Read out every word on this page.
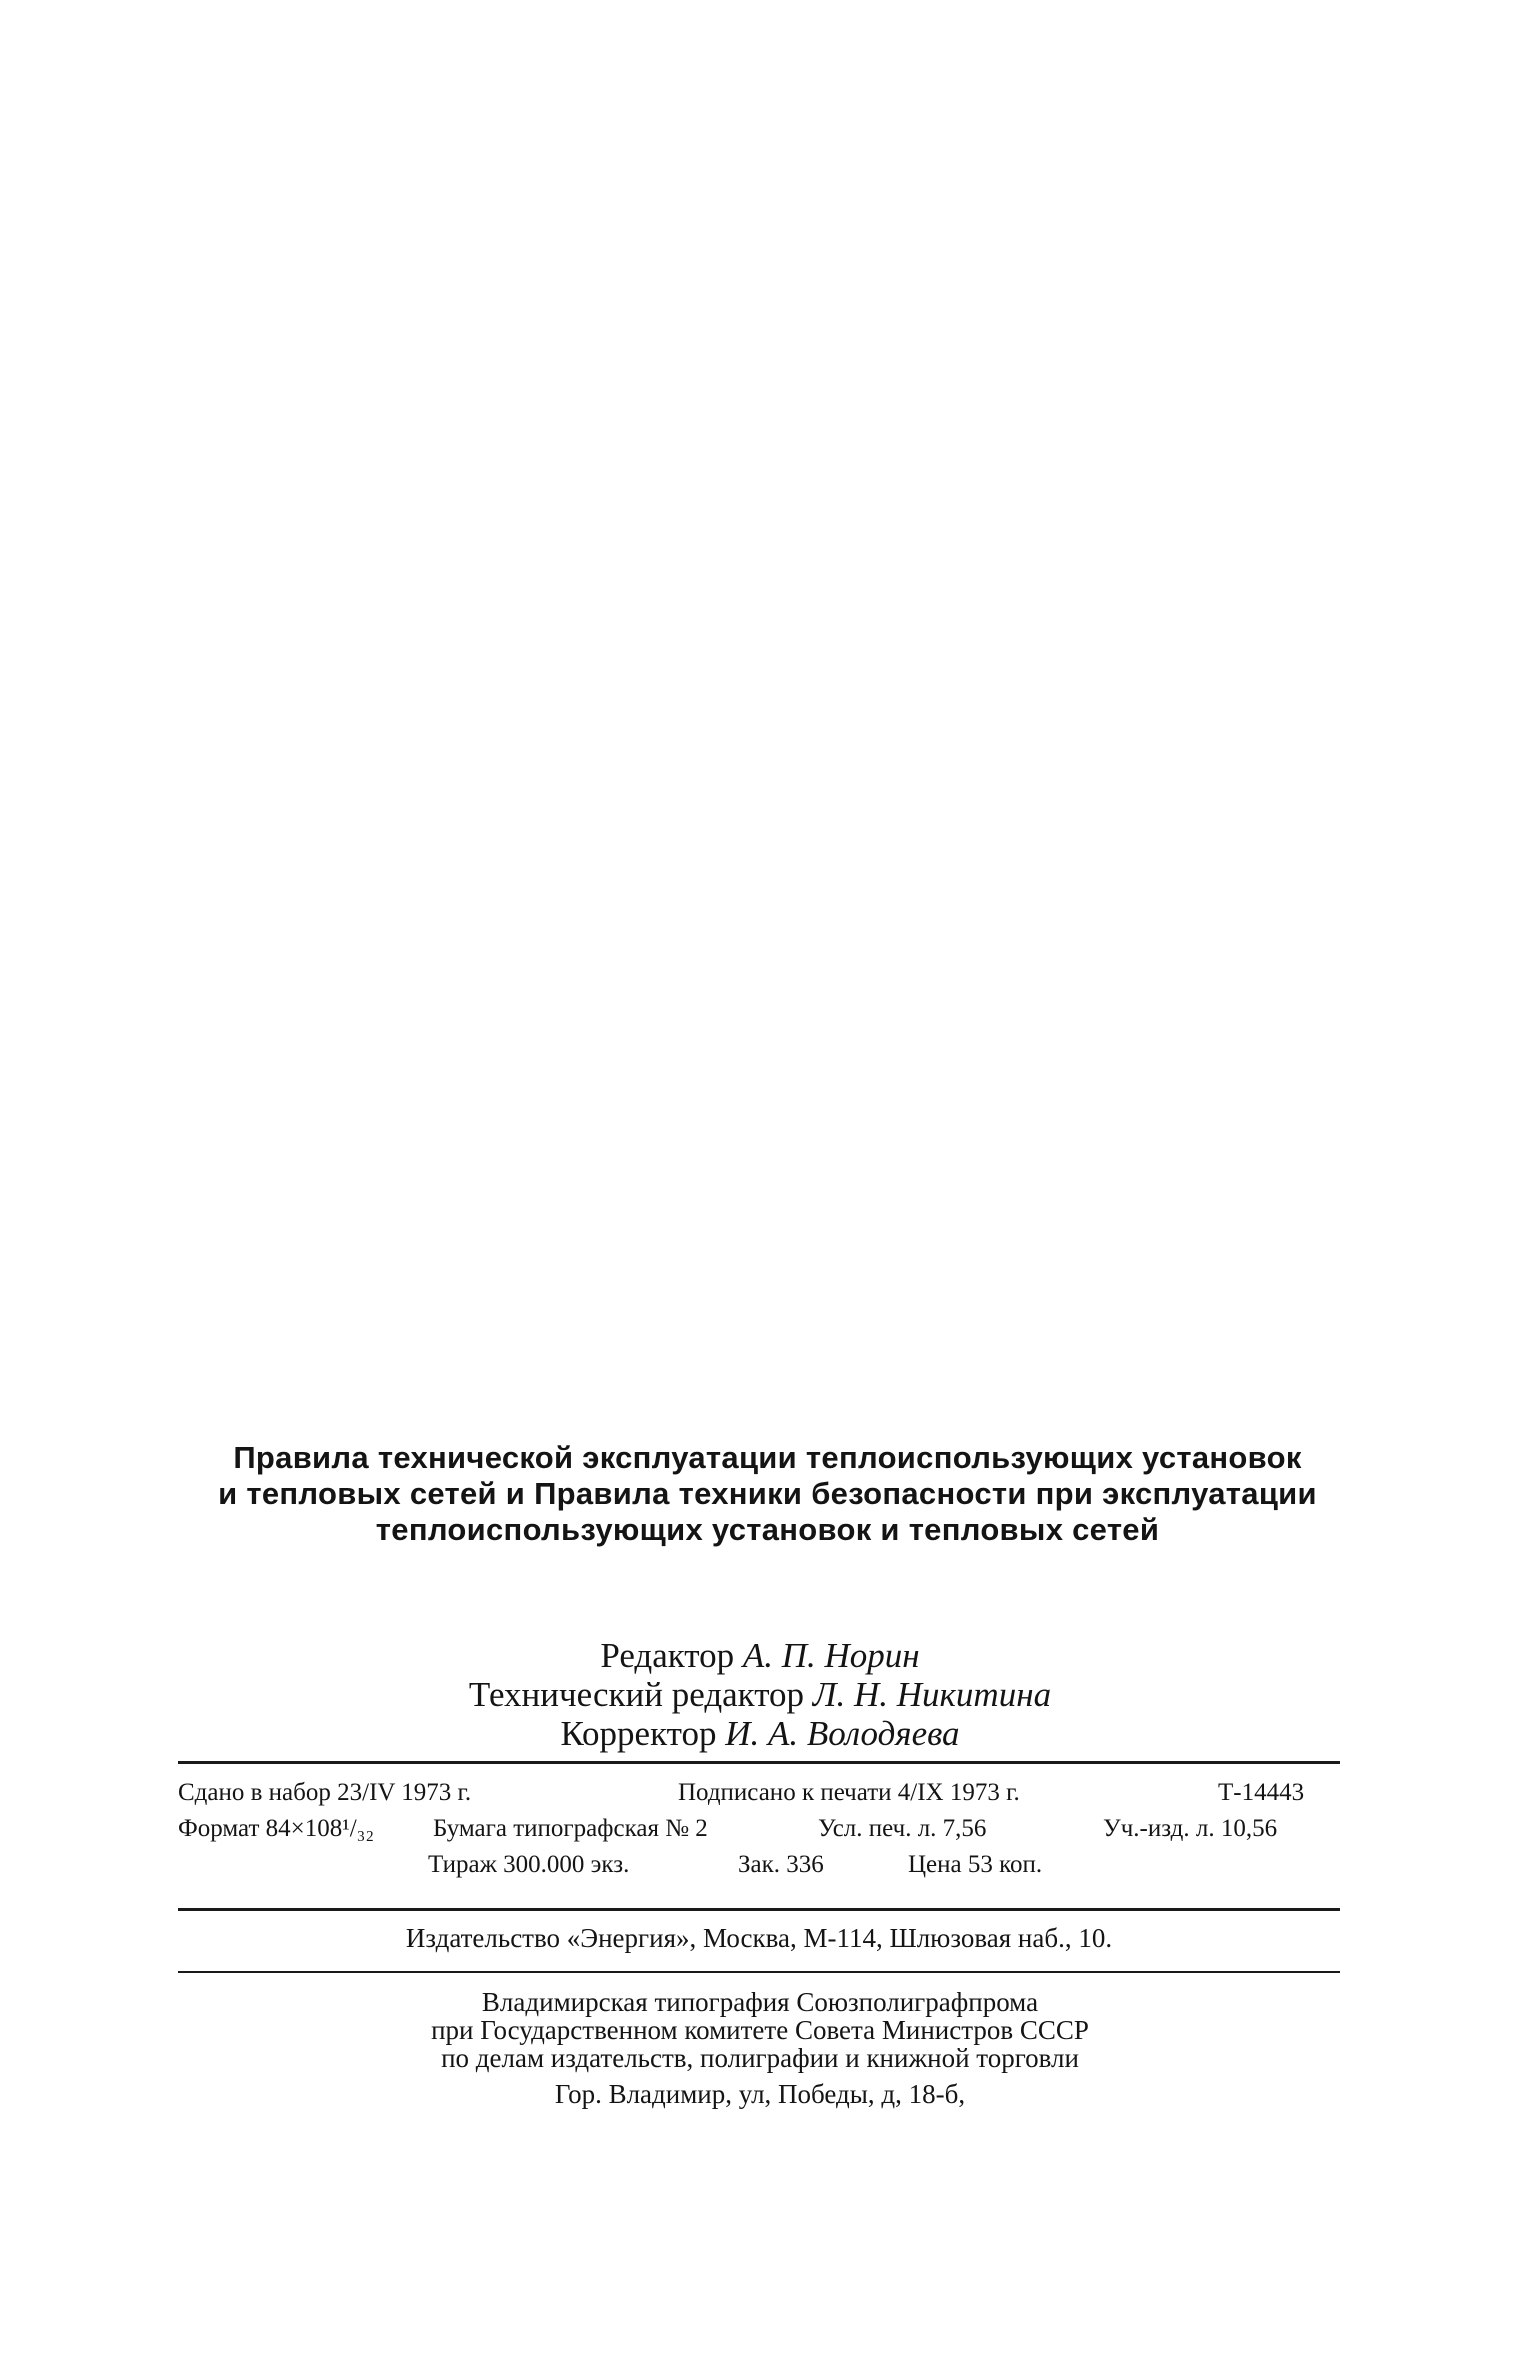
Правила технической эксплуатации теплоиспользующих установок
и тепловых сетей и Правила техники безопасности при эксплуатации
теплоиспользующих установок и тепловых сетей
Редактор А. П. Норин
Технический редактор Л. Н. Никитина
Корректор И. А. Володяева
Сдано в набор 23/IV 1973 г.	Подписано к печати 4/IX 1973 г.	Т-14443
Формат 84×108¹/₃₂ Бумага типографская № 2	Усл. печ. л. 7,56	Уч.-изд. л. 10,56
Тираж 300.000 экз.	Зак. 336	Цена 53 коп.
Издательство «Энергия», Москва, М-114, Шлюзовая наб., 10.
Владимирская типография Союзполиграфпрома
при Государственном комитете Совета Министров СССР
по делам издательств, полиграфии и книжной торговли
Гор. Владимир, ул, Победы, д, 18-б,
